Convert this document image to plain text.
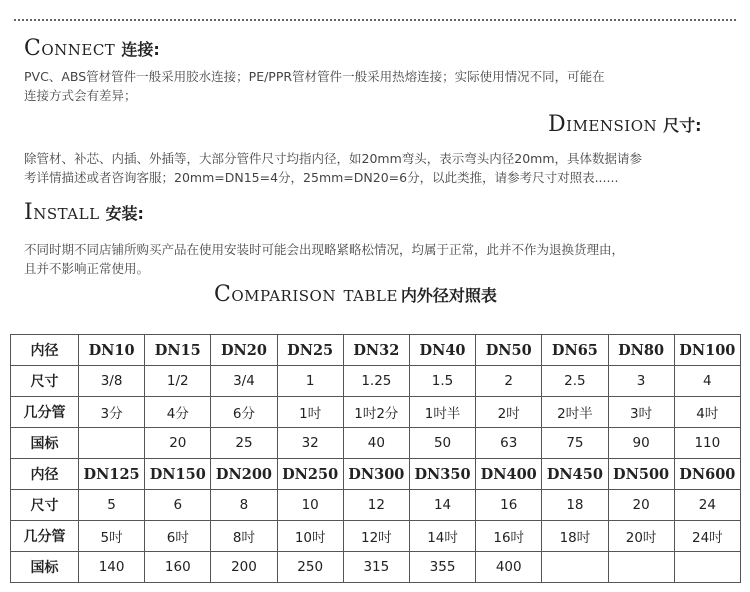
Connect 连接:

PVC、ABS管材管件一般采用胶水连接；PE/PPR管材管件一般采用热熔连接；实际使用情况不同，可能在

连接方式会有差异；

Dimension 尺寸:

除管材、补芯、内插、外插等，大部分管件尺寸均指内径，如20mm弯头，表示弯头内径20mm，具体数据请参

考详情描述或者咨询客服；20mm=DN15=4分，25mm=DN20=6分，以此类推，请参考尺寸对照表......

Install 安装:

不同时期不同店铺所购买产品在使用安装时可能会出现略紧略松情况，均属于正常，此并不作为退换货理由，

且并不影响正常使用。

Comparison table 内外径对照表
内径	DN10	DN15	DN20	DN25	DN32	DN40	DN50	DN65	DN80	DN100
尺寸	3/8	1/2	3/4	1	1.25	1.5	2	2.5	3	4
几分管	3分	4分	6分	1吋	1吋2分	1吋半	2吋	2吋半	3吋	4吋
国标		20	25	32	40	50	63	75	90	110
内径	DN125	DN150	DN200	DN250	DN300	DN350	DN400	DN450	DN500	DN600
尺寸	5	6	8	10	12	14	16	18	20	24
几分管	5吋	6吋	8吋	10吋	12吋	14吋	16吋	18吋	20吋	24吋
国标	140	160	200	250	315	355	400			
